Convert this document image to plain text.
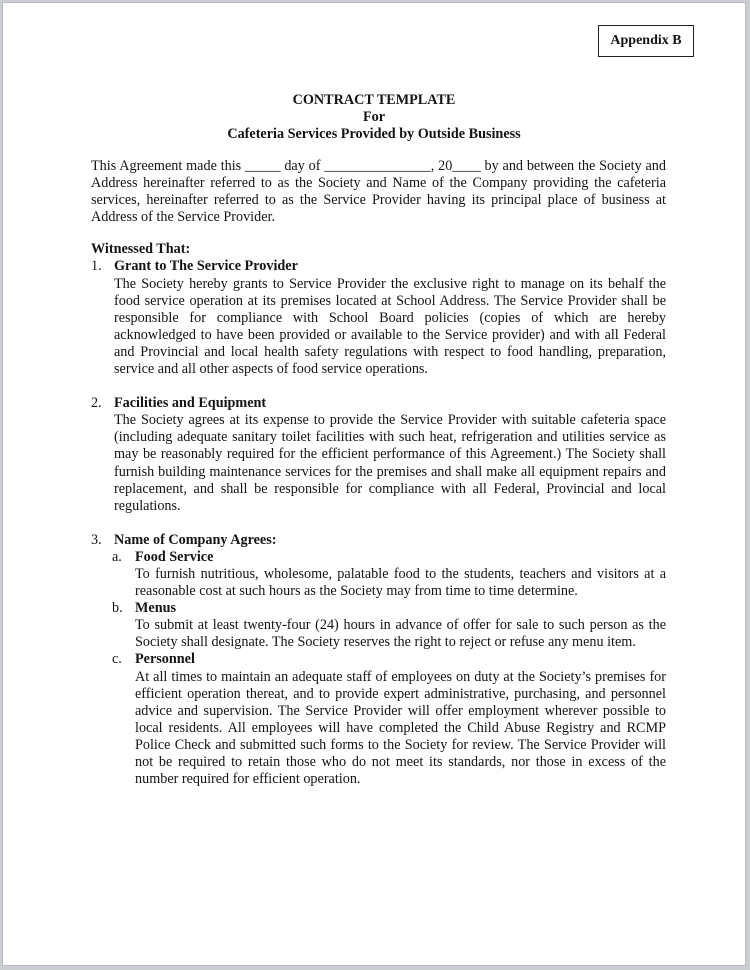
Appendix B
CONTRACT TEMPLATE
For
Cafeteria Services Provided by Outside Business

This Agreement made this _____ day of _______________, 20____ by and between the Society and Address hereinafter referred to as the Society and Name of the Company providing the cafeteria services, hereinafter referred to as the Service Provider having its principal place of business at Address of the Service Provider.

Witnessed That:

1. Grant to The Service Provider

The Society hereby grants to Service Provider the exclusive right to manage on its behalf the food service operation at its premises located at School Address. The Service Provider shall be responsible for compliance with School Board policies (copies of which are hereby acknowledged to have been provided or available to the Service provider) and with all Federal and Provincial and local health safety regulations with respect to food handling, preparation, service and all other aspects of food service operations.

2. Facilities and Equipment

The Society agrees at its expense to provide the Service Provider with suitable cafeteria space (including adequate sanitary toilet facilities with such heat, refrigeration and utilities service as may be reasonably required for the efficient performance of this Agreement.) The Society shall furnish building maintenance services for the premises and shall make all equipment repairs and replacement, and shall be responsible for compliance with all Federal, Provincial and local regulations.

3. Name of Company Agrees:
a. Food Service

To furnish nutritious, wholesome, palatable food to the students, teachers and visitors at a reasonable cost at such hours as the Society may from time to time determine.

b. Menus

To submit at least twenty-four (24) hours in advance of offer for sale to such person as the Society shall designate. The Society reserves the right to reject or refuse any menu item.

c. Personnel

At all times to maintain an adequate staff of employees on duty at the Society’s premises for efficient operation thereat, and to provide expert administrative, purchasing, and personnel advice and supervision. The Service Provider will offer employment wherever possible to local residents. All employees will have completed the Child Abuse Registry and RCMP Police Check and submitted such forms to the Society for review. The Service Provider will not be required to retain those who do not meet its standards, nor those in excess of the number required for efficient operation.
